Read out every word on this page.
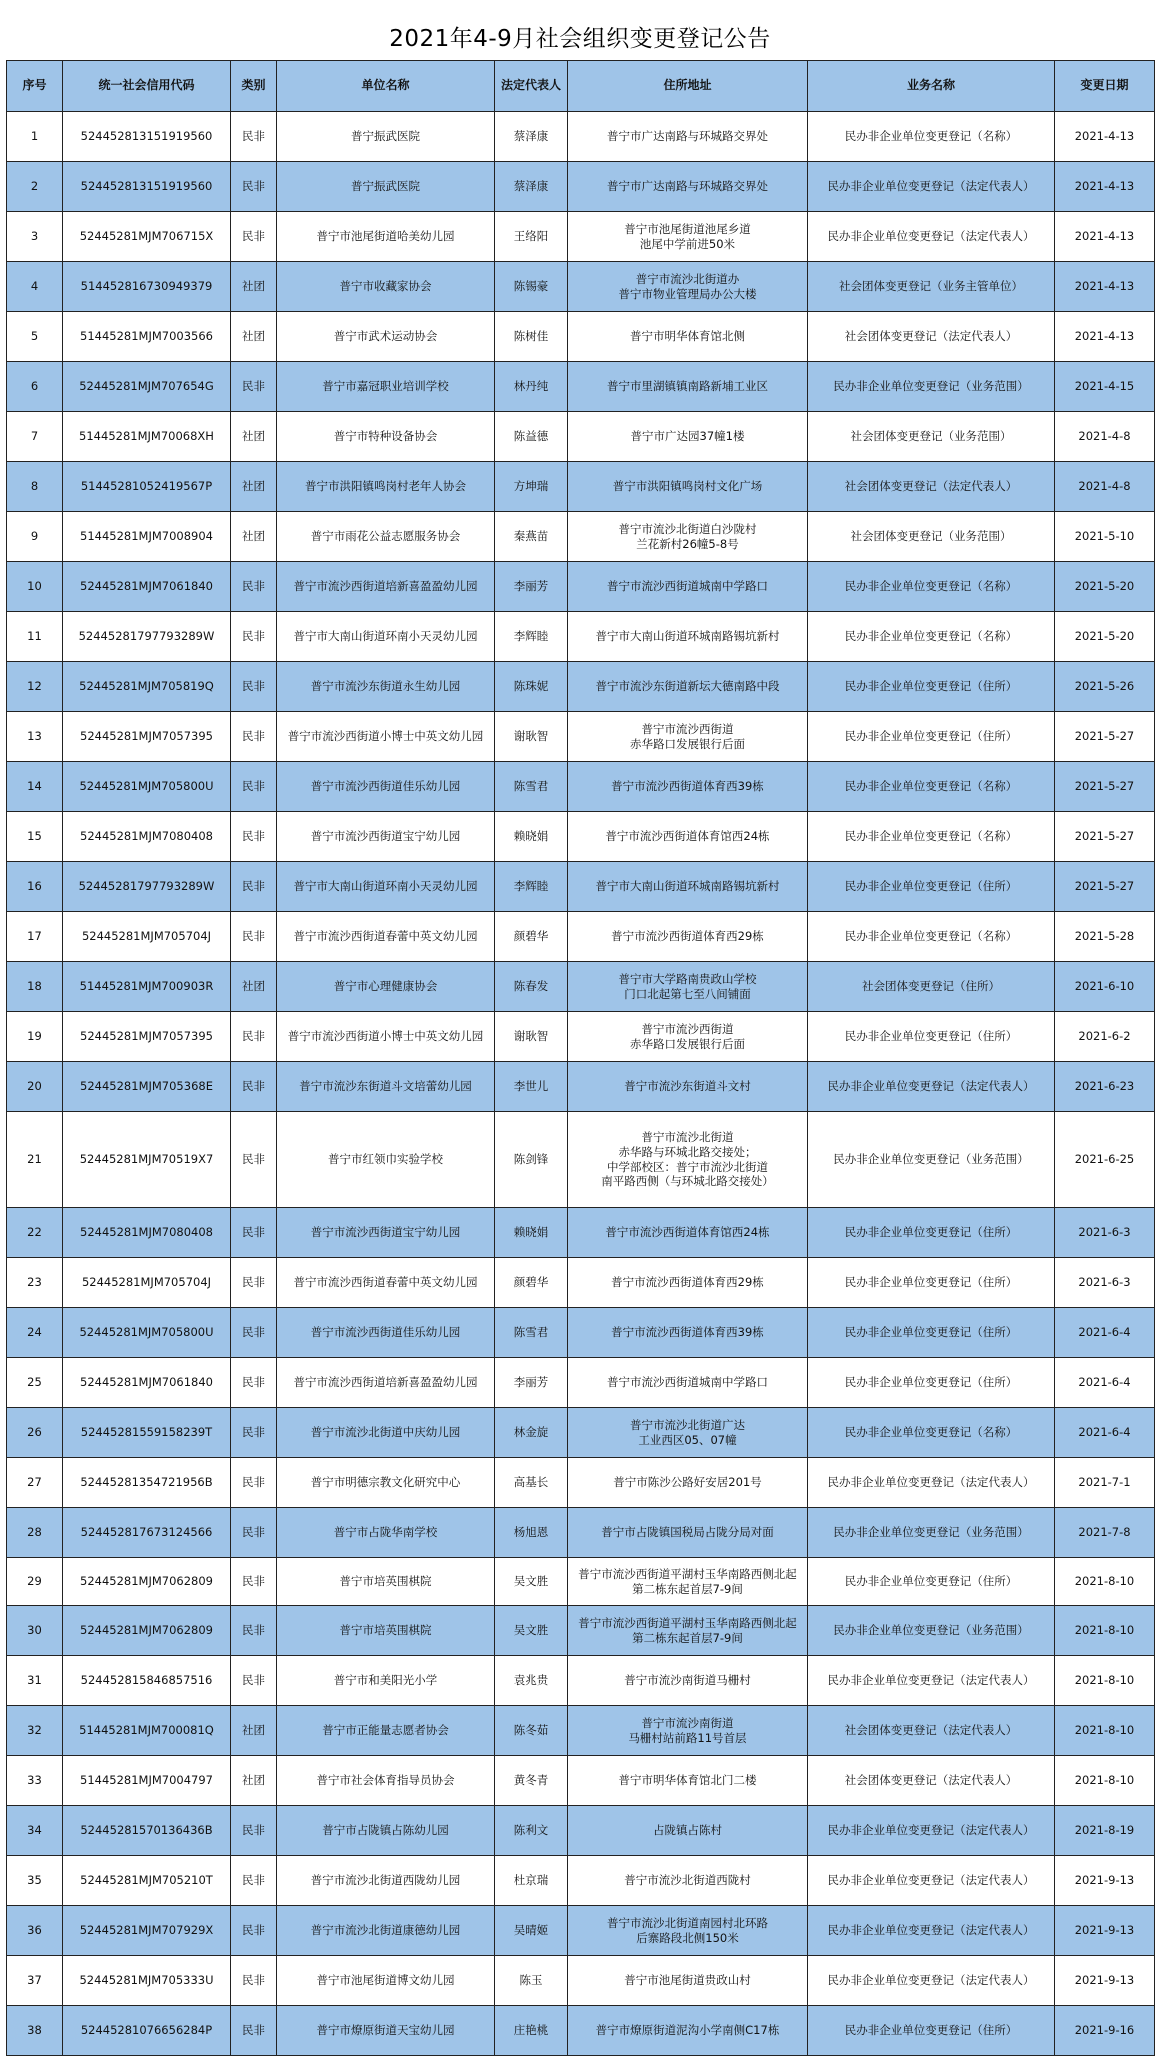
2021年4-9月社会组织变更登记公告
序号	统一社会信用代码	类别	单位名称	法定代表人	住所地址	业务名称	变更日期
1	524452813151919560	民非	普宁振武医院	蔡泽康	普宁市广达南路与环城路交界处	民办非企业单位变更登记（名称）	2021-4-13
2	524452813151919560	民非	普宁振武医院	蔡泽康	普宁市广达南路与环城路交界处	民办非企业单位变更登记（法定代表人）	2021-4-13
3	52445281MJM706715X	民非	普宁市池尾街道哈美幼儿园	王络阳	普宁市池尾街道池尾乡道
池尾中学前进50米	民办非企业单位变更登记（法定代表人）	2021-4-13
4	514452816730949379	社团	普宁市收藏家协会	陈锡豪	普宁市流沙北街道办
普宁市物业管理局办公大楼	社会团体变更登记（业务主管单位）	2021-4-13
5	51445281MJM7003566	社团	普宁市武术运动协会	陈树佳	普宁市明华体育馆北侧	社会团体变更登记（法定代表人）	2021-4-13
6	52445281MJM707654G	民非	普宁市嘉冠职业培训学校	林丹纯	普宁市里湖镇镇南路新埔工业区	民办非企业单位变更登记（业务范围）	2021-4-15
7	51445281MJM70068XH	社团	普宁市特种设备协会	陈益德	普宁市广达园37幢1楼	社会团体变更登记（业务范围）	2021-4-8
8	51445281052419567P	社团	普宁市洪阳镇鸣岗村老年人协会	方坤瑞	普宁市洪阳镇鸣岗村文化广场	社会团体变更登记（法定代表人）	2021-4-8
9	51445281MJM7008904	社团	普宁市雨花公益志愿服务协会	秦燕苗	普宁市流沙北街道白沙陇村
兰花新村26幢5-8号	社会团体变更登记（业务范围）	2021-5-10
10	52445281MJM7061840	民非	普宁市流沙西街道培新喜盈盈幼儿园	李丽芳	普宁市流沙西街道城南中学路口	民办非企业单位变更登记（名称）	2021-5-20
11	52445281797793289W	民非	普宁市大南山街道环南小天灵幼儿园	李辉睦	普宁市大南山街道环城南路锡坑新村	民办非企业单位变更登记（名称）	2021-5-20
12	52445281MJM705819Q	民非	普宁市流沙东街道永生幼儿园	陈珠妮	普宁市流沙东街道新坛大德南路中段	民办非企业单位变更登记（住所）	2021-5-26
13	52445281MJM7057395	民非	普宁市流沙西街道小博士中英文幼儿园	谢耿智	普宁市流沙西街道
赤华路口发展银行后面	民办非企业单位变更登记（住所）	2021-5-27
14	52445281MJM705800U	民非	普宁市流沙西街道佳乐幼儿园	陈雪君	普宁市流沙西街道体育西39栋	民办非企业单位变更登记（名称）	2021-5-27
15	52445281MJM7080408	民非	普宁市流沙西街道宝宁幼儿园	赖晓娟	普宁市流沙西街道体育馆西24栋	民办非企业单位变更登记（名称）	2021-5-27
16	52445281797793289W	民非	普宁市大南山街道环南小天灵幼儿园	李辉睦	普宁市大南山街道环城南路锡坑新村	民办非企业单位变更登记（住所）	2021-5-27
17	52445281MJM705704J	民非	普宁市流沙西街道春蕾中英文幼儿园	颜碧华	普宁市流沙西街道体育西29栋	民办非企业单位变更登记（名称）	2021-5-28
18	51445281MJM700903R	社团	普宁市心理健康协会	陈春发	普宁市大学路南贵政山学校
门口北起第七至八间铺面	社会团体变更登记（住所）	2021-6-10
19	52445281MJM7057395	民非	普宁市流沙西街道小博士中英文幼儿园	谢耿智	普宁市流沙西街道
赤华路口发展银行后面	民办非企业单位变更登记（住所）	2021-6-2
20	52445281MJM705368E	民非	普宁市流沙东街道斗文培蕾幼儿园	李世儿	普宁市流沙东街道斗文村	民办非企业单位变更登记（法定代表人）	2021-6-23
21	52445281MJM70519X7	民非	普宁市红领巾实验学校	陈剑锋	普宁市流沙北街道
赤华路与环城北路交接处；
中学部校区：普宁市流沙北街道
南平路西侧（与环城北路交接处）	民办非企业单位变更登记（业务范围）	2021-6-25
22	52445281MJM7080408	民非	普宁市流沙西街道宝宁幼儿园	赖晓娟	普宁市流沙西街道体育馆西24栋	民办非企业单位变更登记（住所）	2021-6-3
23	52445281MJM705704J	民非	普宁市流沙西街道春蕾中英文幼儿园	颜碧华	普宁市流沙西街道体育西29栋	民办非企业单位变更登记（住所）	2021-6-3
24	52445281MJM705800U	民非	普宁市流沙西街道佳乐幼儿园	陈雪君	普宁市流沙西街道体育西39栋	民办非企业单位变更登记（住所）	2021-6-4
25	52445281MJM7061840	民非	普宁市流沙西街道培新喜盈盈幼儿园	李丽芳	普宁市流沙西街道城南中学路口	民办非企业单位变更登记（住所）	2021-6-4
26	52445281559158239T	民非	普宁市流沙北街道中庆幼儿园	林金旋	普宁市流沙北街道广达
工业西区05、07幢	民办非企业单位变更登记（名称）	2021-6-4
27	52445281354721956B	民非	普宁市明德宗教文化研究中心	高基长	普宁市陈沙公路好安居201号	民办非企业单位变更登记（法定代表人）	2021-7-1
28	52445281767312456​6	民非	普宁市占陇华南学校	杨旭恩	普宁市占陇镇国税局占陇分局对面	民办非企业单位变更登记（业务范围）	2021-7-8
29	52445281MJM7062809	民非	普宁市培英围棋院	吴文胜	普宁市流沙西街道平湖村玉华南路西侧北起
第二栋东起首层7-9间	民办非企业单位变更登记（住所）	2021-8-10
30	52445281MJM7062809	民非	普宁市培英围棋院	吴文胜	普宁市流沙西街道平湖村玉华南路西侧北起
第二栋东起首层7-9间	民办非企业单位变更登记（业务范围）	2021-8-10
31	52445281584685751​6	民非	普宁市和美阳光小学	袁兆贵	普宁市流沙南街道马栅村	民办非企业单位变更登记（法定代表人）	2021-8-10
32	51445281MJM700081Q	社团	普宁市正能量志愿者协会	陈冬茹	普宁市流沙南街道
马栅村站前路11号首层	社会团体变更登记（法定代表人）	2021-8-10
33	51445281MJM7004797	社团	普宁市社会体育指导员协会	黄冬青	普宁市明华体育馆北门二楼	社会团体变更登记（法定代表人）	2021-8-10
34	52445281570136436B	民非	普宁市占陇镇占陈幼儿园	陈利文	占陇镇占陈村	民办非企业单位变更登记（法定代表人）	2021-8-19
35	52445281MJM705210T	民非	普宁市流沙北街道西陇幼儿园	杜京瑞	普宁市流沙北街道西陇村	民办非企业单位变更登记（法定代表人）	2021-9-13
36	52445281MJM707929X	民非	普宁市流沙北街道康德幼儿园	吴晴姬	普宁市流沙北街道南园村北环路
后寨路段北侧150米	民办非企业单位变更登记（法定代表人）	2021-9-13
37	52445281MJM705333U	民非	普宁市池尾街道博文幼儿园	陈玉	普宁市池尾街道贵政山村	民办非企业单位变更登记（法定代表人）	2021-9-13
38	52445281076656284P	民非	普宁市燎原街道天宝幼儿园	庄艳桃	普宁市燎原街道泥沟小学南侧C17栋	民办非企业单位变更登记（住所）	2021-9-16
